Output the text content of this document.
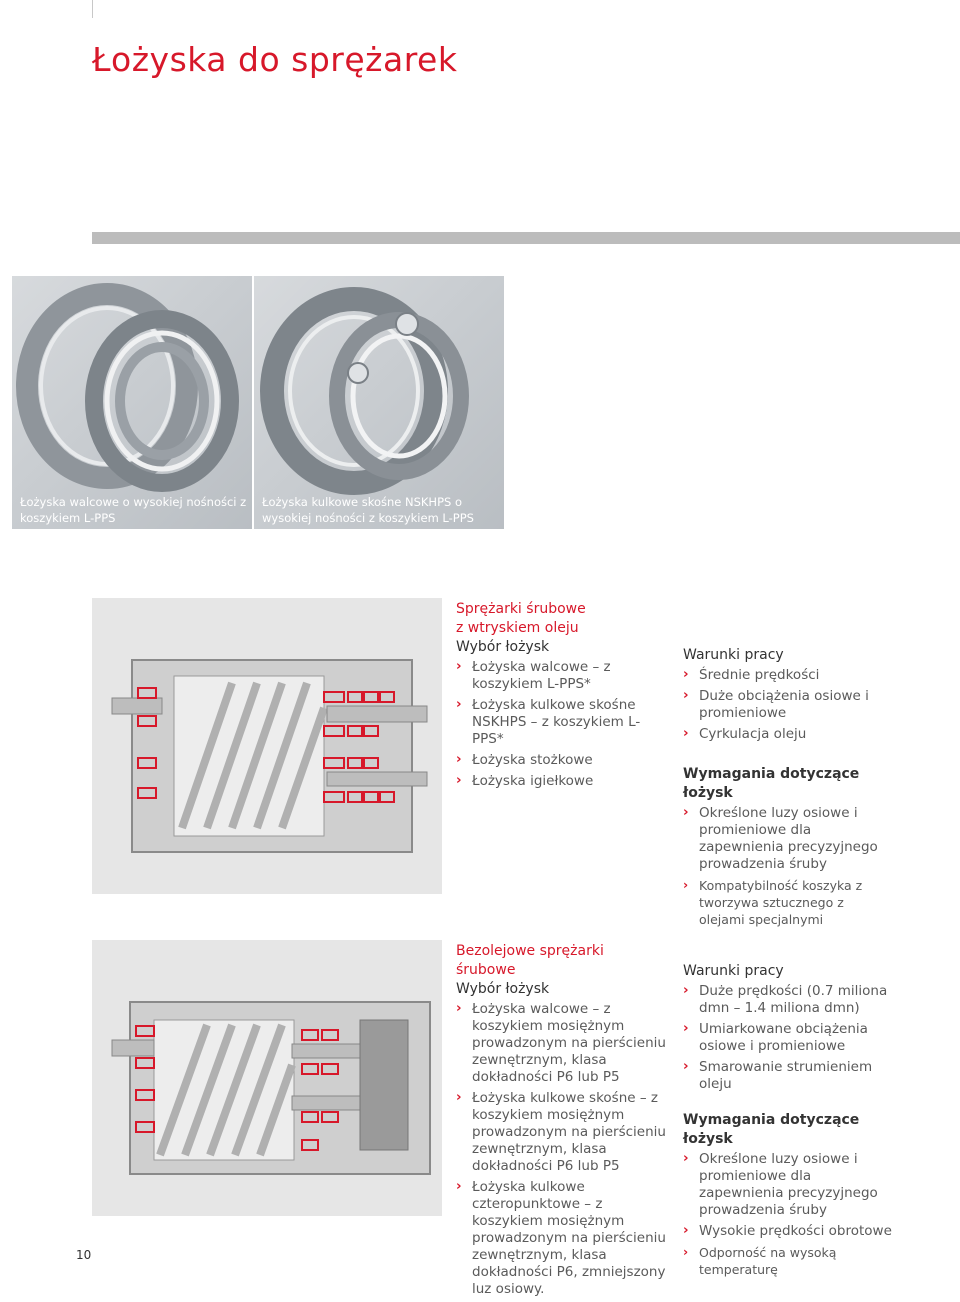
Łożyska do sprężarek
Łożyska walcowe o wysokiej nośności z koszykiem L-PPS
Łożyska kulkowe skośne NSKHPS o wysokiej nośności z koszykiem L-PPS
Sprężarki śrubowe
z wtryskiem oleju
Wybór łożysk
› Łożyska walcowe – z koszykiem L-PPS*
› Łożyska kulkowe skośne NSKHPS – z koszykiem L-PPS*
› Łożyska stożkowe
› Łożyska igiełkowe
Warunki pracy
› Średnie prędkości
› Duże obciążenia osiowe i promieniowe
› Cyrkulacja oleju
Wymagania dotyczące łożysk
› Określone luzy osiowe i promieniowe dla zapewnienia precyzyjnego prowadzenia śruby
› Kompatybilność koszyka z tworzywa sztucznego z olejami specjalnymi
Bezolejowe sprężarki śrubowe
Wybór łożysk
› Łożyska walcowe – z koszykiem mosiężnym prowadzonym na pierścieniu zewnętrznym, klasa dokładności P6 lub P5
› Łożyska kulkowe skośne – z koszykiem mosiężnym prowadzonym na pierścieniu zewnętrznym, klasa dokładności P6 lub P5
› Łożyska kulkowe czteropunktowe – z koszykiem mosiężnym prowadzonym na pierścieniu zewnętrznym, klasa dokładności P6, zmniejszony luz osiowy.
Warunki pracy
› Duże prędkości (0.7 miliona dmn – 1.4 miliona dmn)
› Umiarkowane obciążenia osiowe i promieniowe
› Smarowanie strumieniem oleju
Wymagania dotyczące łożysk
› Określone luzy osiowe i promieniowe dla zapewnienia precyzyjnego prowadzenia śruby
› Wysokie prędkości obrotowe
› Odporność na wysoką temperaturę
10
